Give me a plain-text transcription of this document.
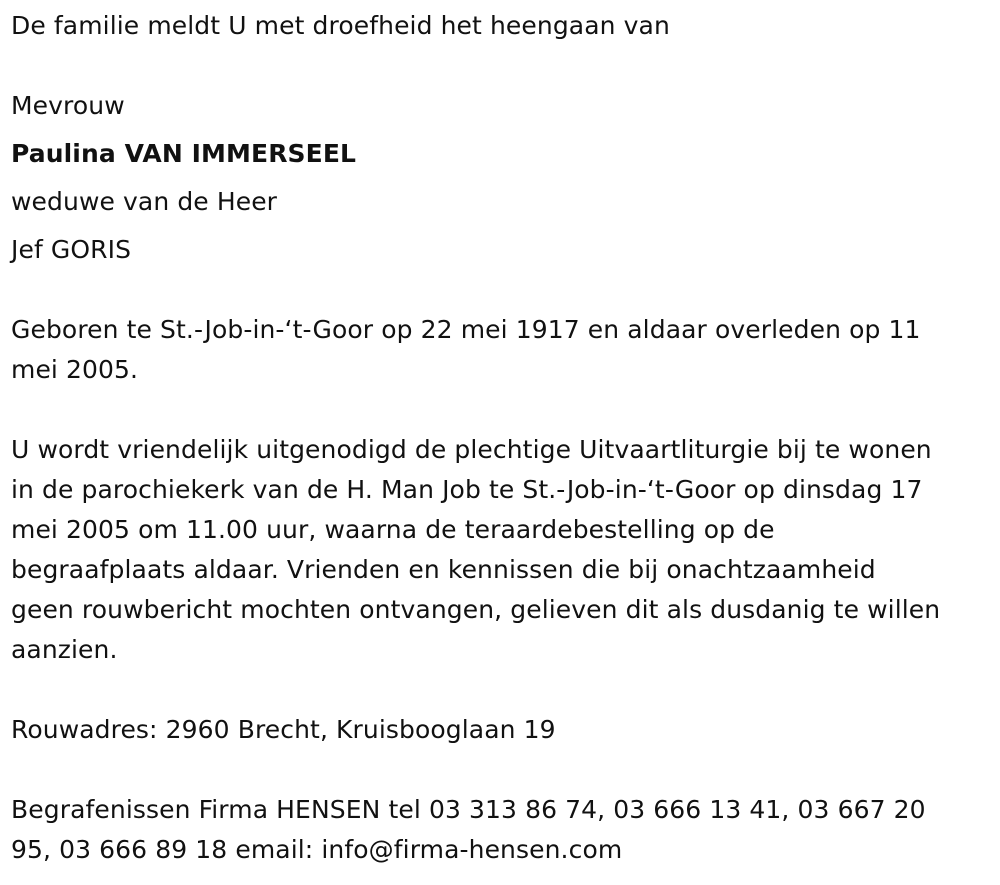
De familie meldt U met droefheid het heengaan van
Mevrouw
Paulina VAN IMMERSEEL
weduwe van de Heer
Jef GORIS
Geboren te St.-Job-in-‘t-Goor op 22 mei 1917 en aldaar overleden op 11
mei 2005.
U wordt vriendelijk uitgenodigd de plechtige Uitvaartliturgie bij te wonen
in de parochiekerk van de H. Man Job te St.-Job-in-‘t-Goor op dinsdag 17
mei 2005 om 11.00 uur, waarna de teraardebestelling op de
begraafplaats aldaar. Vrienden en kennissen die bij onachtzaamheid
geen rouwbericht mochten ontvangen, gelieven dit als dusdanig te willen
aanzien.
Rouwadres: 2960 Brecht, Kruisbooglaan 19
Begrafenissen Firma HENSEN tel 03 313 86 74, 03 666 13 41, 03 667 20
95, 03 666 89 18 email: info@firma-hensen.com
